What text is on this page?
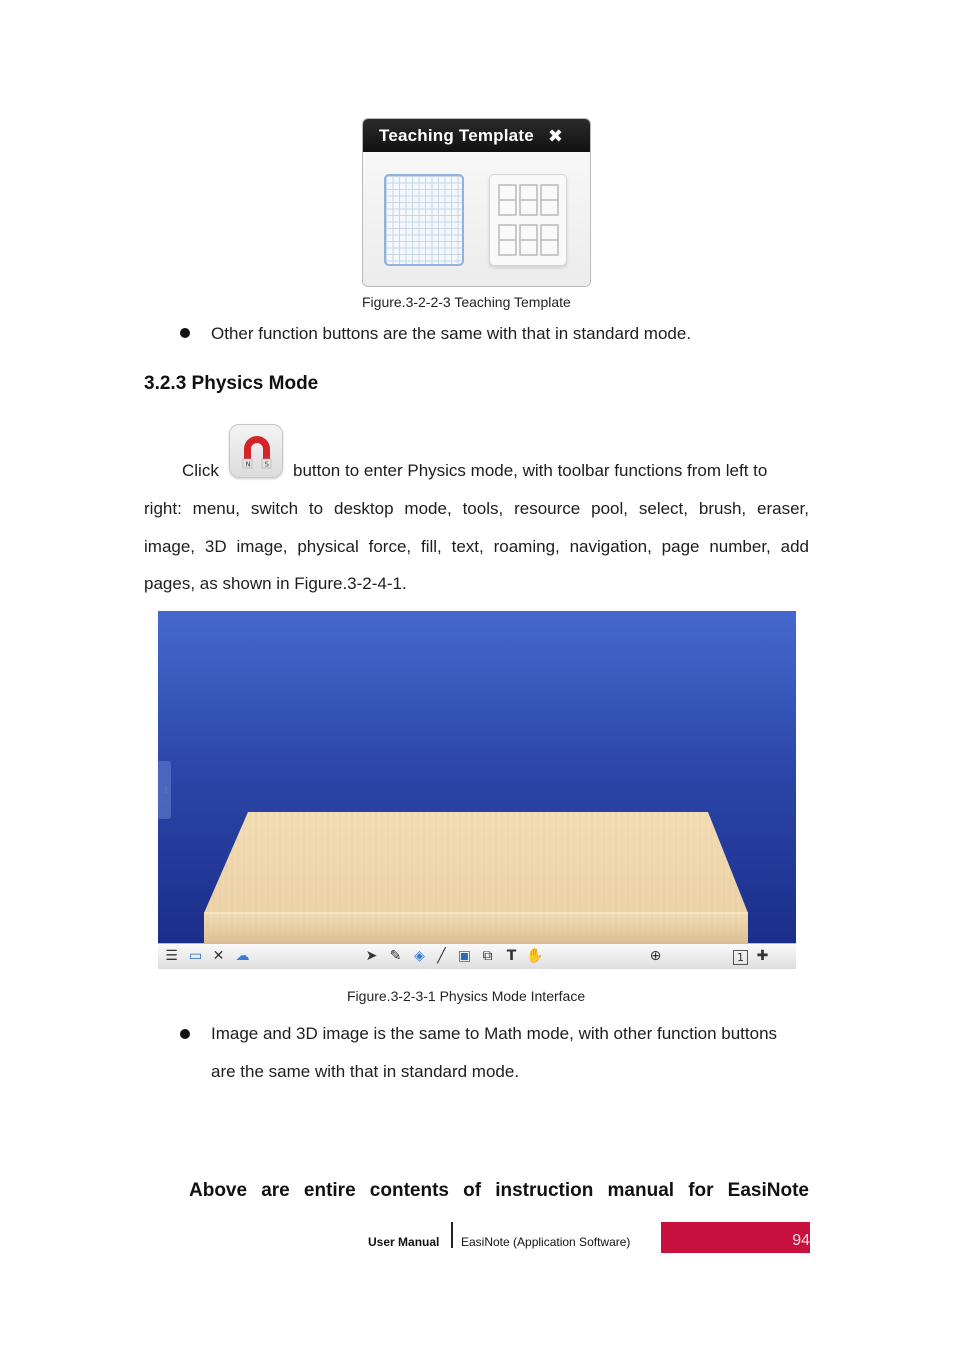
Teaching Template ✖
Figure.3-2-2-3 Teaching Template
Other function buttons are the same with that in standard mode.
3.2.3 Physics Mode
Click	N S button to enter Physics mode, with toolbar functions from left to
right: menu, switch to desktop mode, tools, resource pool, select, brush, eraser,
image, 3D image, physical force, fill, text, roaming, navigation, page number, add
pages, as shown in Figure.3-2-4-1.
⋮
☰ ▭ ✕ ☁	➤ ✎ ◈ ╱ ▣ ⧉ T ✋	⊕	1 ✚
Figure.3-2-3-1 Physics Mode Interface
Image and 3D image is the same to Math mode, with other function buttons
are the same with that in standard mode.
Above are entire contents of instruction manual for EasiNote
User Manual EasiNote (Application Software)	94
